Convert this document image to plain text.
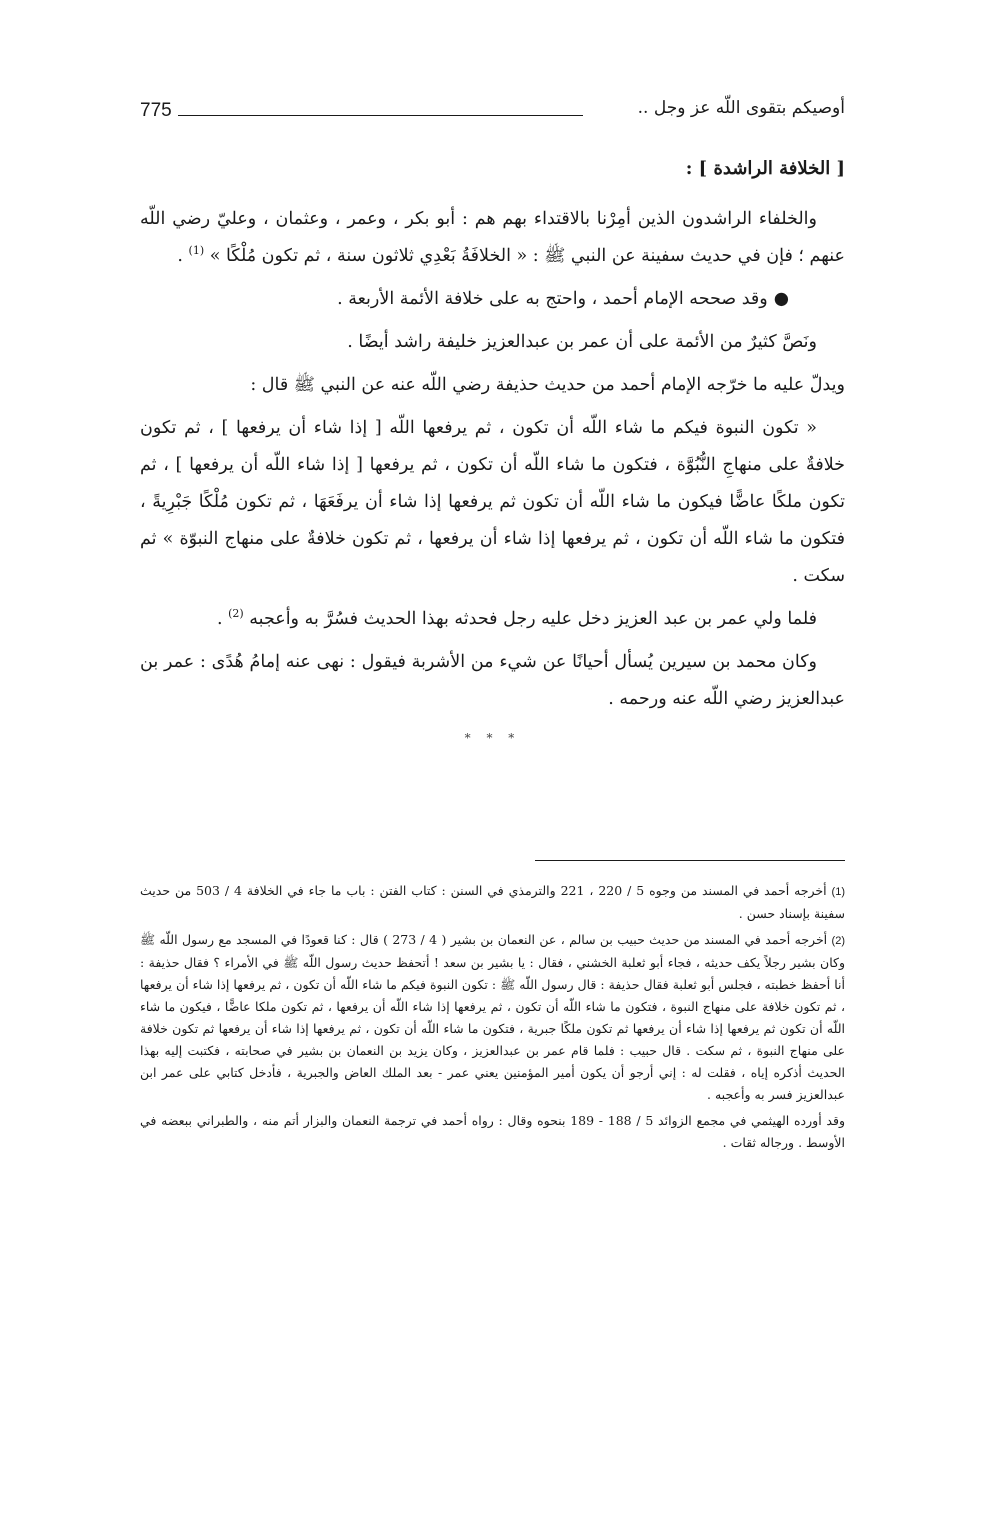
775	أوصيكم بتقوى اللّه عز وجل ..
[ الخلافة الراشدة ] :

والخلفاء الراشدون الذين أمِرْنا بالاقتداء بهم هم : أبو بكر ، وعمر ، وعثمان ، وعليّ رضي اللّه عنهم ؛ فإن في حديث سفينة عن النبي ﷺ : « الخلافَةُ بَعْدِي ثلاثون سنة ، ثم تكون مُلْكًا » $^{(1)}$ .

●وقد صححه الإمام أحمد ، واحتج به على خلافة الأئمة الأربعة .

ونَصَّ كثيرٌ من الأئمة على أن عمر بن عبدالعزيز خليفة راشد أيضًا .

ويدلّ عليه ما خرّجه الإمام أحمد من حديث حذيفة رضي اللّه عنه عن النبي ﷺ قال :

« تكون النبوة فيكم ما شاء اللّه أن تكون ، ثم يرفعها اللّه [ إذا شاء أن يرفعها ] ، ثم تكون خلافةٌ على منهاجِ النُّبُوَّة ، فتكون ما شاء اللّه أن تكون ، ثم يرفعها [ إذا شاء اللّه أن يرفعها ] ، ثم تكون ملكًا عاضًّا فيكون ما شاء اللّه أن تكون ثم يرفعها إذا شاء أن يرفَعَهَا ، ثم تكون مُلْكًا جَبْرِيةً ، فتكون ما شاء اللّه أن تكون ، ثم يرفعها إذا شاء أن يرفعها ، ثم تكون خلافةٌ على منهاج النبوّة » ثم سكت .

فلما ولي عمر بن عبد العزيز دخل عليه رجل فحدثه بهذا الحديث فسُرَّ به وأعجبه $^{(2)}$ .

وكان محمد بن سيرين يُسأل أحيانًا عن شيء من الأشربة فيقول : نهى عنه إمامُ هُدًى : عمر بن عبدالعزيز رضي اللّه عنه ورحمه .

* * *

(1) أخرجه أحمد في المسند من وجوه 5 / 220 ، 221 والترمذي في السنن : كتاب الفتن : باب ما جاء في الخلافة 4 / 503 من حديث سفينة بإسناد حسن .

(2) أخرجه أحمد في المسند من حديث حبيب بن سالم ، عن النعمان بن بشير ( 4 / 273 ) قال : كنا قعودًا في المسجد مع رسول اللّه ﷺ وكان بشير رجلاً يكف حديثه ، فجاء أبو ثعلبة الخشني ، فقال : يا بشير بن سعد ! أتحفظ حديث رسول اللّه ﷺ في الأمراء ؟ فقال حذيفة : أنا أحفظ خطبته ، فجلس أبو ثعلبة فقال حذيفة : قال رسول اللّه ﷺ : تكون النبوة فيكم ما شاء اللّه أن تكون ، ثم يرفعها إذا شاء أن يرفعها ، ثم تكون خلافة على منهاج النبوة ، فتكون ما شاء اللّه أن تكون ، ثم يرفعها إذا شاء اللّه أن يرفعها ، ثم تكون ملكا عاضًّا ، فيكون ما شاء اللّه أن تكون ثم يرفعها إذا شاء أن يرفعها ثم تكون ملكًا جبرية ، فتكون ما شاء اللّه أن تكون ، ثم يرفعها إذا شاء أن يرفعها ثم تكون خلافة على منهاج النبوة ، ثم سكت . قال حبيب : فلما قام عمر بن عبدالعزيز ، وكان يزيد بن النعمان بن بشير في صحابته ، فكتبت إليه بهذا الحديث أذكره إياه ، فقلت له : إني أرجو أن يكون أمير المؤمنين يعني عمر - بعد الملك العاض والجبرية ، فأدخل كتابي على عمر ابن عبدالعزيز فسر به وأعجبه .

وقد أورده الهيثمي في مجمع الزوائد 5 / 188 - 189 بنحوه وقال : رواه أحمد في ترجمة النعمان والبزار أتم منه ، والطبراني ببعضه في الأوسط . ورجاله ثقات .
